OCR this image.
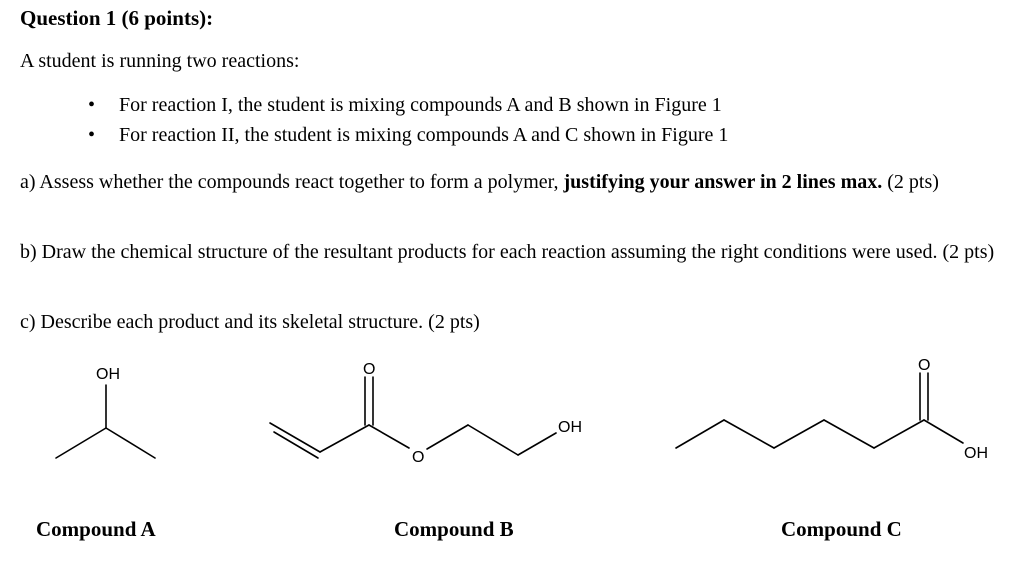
Question 1 (6 points):
A student is running two reactions:
• For reaction I, the student is mixing compounds A and B shown in Figure 1
• For reaction II, the student is mixing compounds A and C shown in Figure 1
a) Assess whether the compounds react together to form a polymer, justifying your answer in 2 lines max. (2 pts)
b) Draw the chemical structure of the resultant products for each reaction assuming the right conditions were used. (2 pts)
c) Describe each product and its skeletal structure. (2 pts)
OH	O
O
OH
O
OH
Compound A	Compound B	Compound C
